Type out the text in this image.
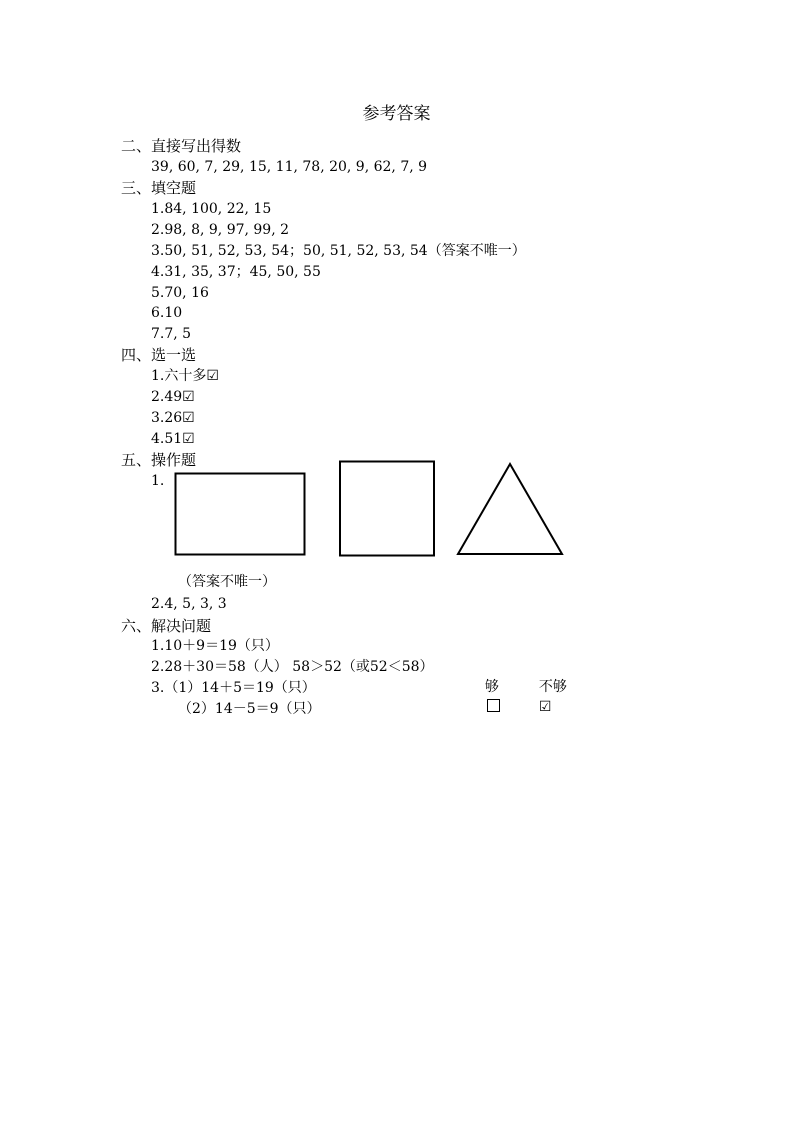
参考答案
二、直接写出得数
39, 60, 7, 29, 15, 11, 78, 20, 9, 62, 7, 9
三、填空题
1.84, 100, 22, 15
2.98, 8, 9, 97, 99, 2
3.50, 51, 52, 53, 54；50, 51, 52, 53, 54（答案不唯一）
4.31, 35, 37；45, 50, 55
5.70, 16
6.10
7.7, 5
四、选一选
1.六十多☑
2.49☑
3.26☑
4.51☑
五、操作题
1.
（答案不唯一）
2.4, 5, 3, 3
六、解决问题
1.10＋9＝19（只）
2.28＋30＝58（人） 58＞52（或52＜58）

够
	不够
☑

3.（1）14＋5＝19（只）
（2）14－5＝9（只）
